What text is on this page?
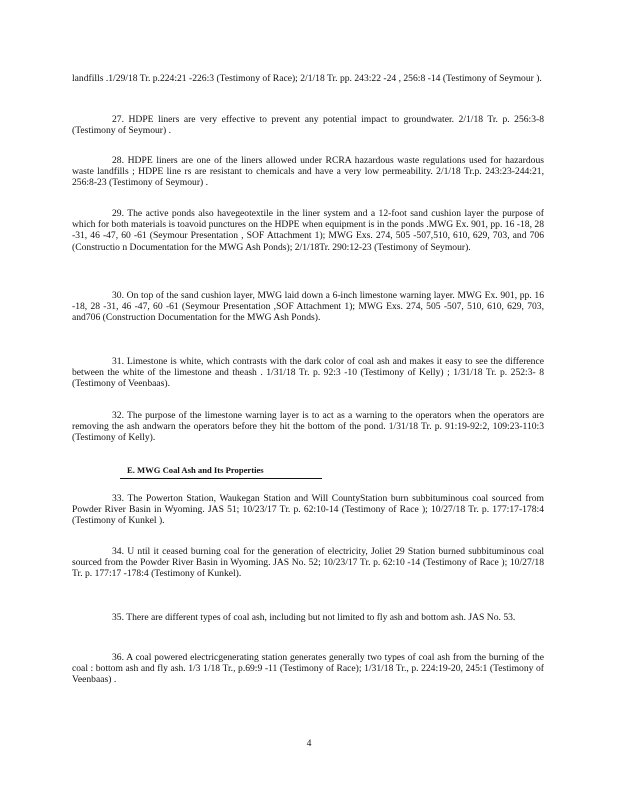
landfills .1/29/18 Tr. p.224:21 -226:3 (Testimony of Race); 2/1/18 Tr. pp. 243:22 -24 , 256:8 -14 (Testimony of Seymour ).

27. HDPE liners are very effective to prevent any potential impact to groundwater. 2/1/18 Tr. p. 256:3-8 (Testimony of Seymour) .

28. HDPE liners are one of the liners allowed under RCRA hazardous waste regulations used for hazardous waste landfills ; HDPE line rs are resistant to chemicals and have a very low permeability. 2/1/18 Tr.p. 243:23-244:21, 256:8-23 (Testimony of Seymour) .

29. The active ponds also havegeotextile in the liner system and a 12-foot sand cushion layer the purpose of which for both materials is toavoid punctures on the HDPE when equipment is in the ponds .MWG Ex. 901, pp. 16 -18, 28 -31, 46 -47, 60 -61 (Seymour Presentation , SOF Attachment 1); MWG Exs. 274, 505 -507,510, 610, 629, 703, and 706 (Constructio n Documentation for the MWG Ash Ponds); 2/1/18Tr. 290:12-23 (Testimony of Seymour).

30. On top of the sand cushion layer, MWG laid down a 6-inch limestone warning layer. MWG Ex. 901, pp. 16 -18, 28 -31, 46 -47, 60 -61 (Seymour Presentation ,SOF Attachment 1); MWG Exs. 274, 505 -507, 510, 610, 629, 703, and706 (Construction Documentation for the MWG Ash Ponds).

31. Limestone is white, which contrasts with the dark color of coal ash and makes it easy to see the difference between the white of the limestone and theash . 1/31/18 Tr. p. 92:3 -10 (Testimony of Kelly) ; 1/31/18 Tr. p. 252:3- 8 (Testimony of Veenbaas).

32. The purpose of the limestone warning layer is to act as a warning to the operators when the operators are removing the ash andwarn the operators before they hit the bottom of the pond. 1/31/18 Tr. p. 91:19-92:2, 109:23-110:3 (Testimony of Kelly).

E. MWG Coal Ash and Its Properties

33. The Powerton Station, Waukegan Station and Will CountyStation burn subbituminous coal sourced from Powder River Basin in Wyoming. JAS 51; 10/23/17 Tr. p. 62:10-14 (Testimony of Race ); 10/27/18 Tr. p. 177:17-178:4 (Testimony of Kunkel ).

34. U ntil it ceased burning coal for the generation of electricity, Joliet 29 Station burned subbituminous coal sourced from the Powder River Basin in Wyoming. JAS No. 52; 10/23/17 Tr. p. 62:10 -14 (Testimony of Race ); 10/27/18 Tr. p. 177:17 -178:4 (Testimony of Kunkel).

35. There are different types of coal ash, including but not limited to fly ash and bottom ash. JAS No. 53.

36. A coal powered electricgenerating station generates generally two types of coal ash from the burning of the coal : bottom ash and fly ash. 1/3 1/18 Tr., p.69:9 -11 (Testimony of Race); 1/31/18 Tr., p. 224:19-20, 245:1 (Testimony of Veenbaas) .

4
